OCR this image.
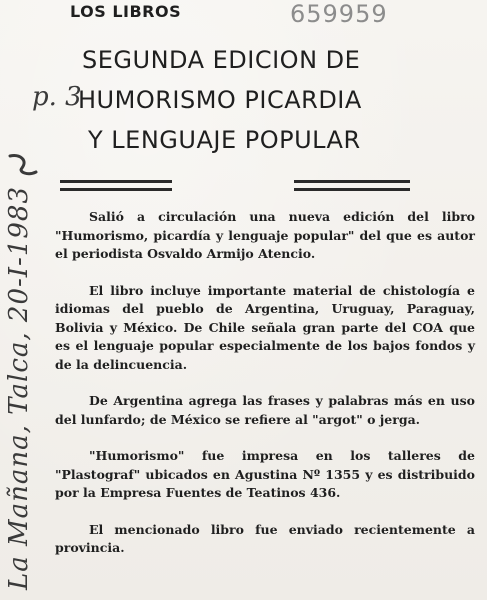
LOS LIBROS	659959
SEGUNDA EDICION DE
HUMORISMO PICARDIA
Y LENGUAJE POPULAR

Salió a circulación una nueva edición del libro "Humorismo, picardía y lenguaje popular" del que es autor el periodista Osvaldo Armijo Atencio.

El libro incluye importante material de chistología e idiomas del pueblo de Argentina, Uruguay, Paraguay, Bolivia y México. De Chile señala gran parte del COA que es el lenguaje popular especialmente de los bajos fondos y de la delincuencia.

De Argentina agrega las frases y palabras más en uso del lunfardo; de México se refiere al "argot" o jerga.

"Humorismo" fue impresa en los talleres de "Plastograf" ubicados en Agustina Nº 1355 y es distribuido por la Empresa Fuentes de Teatinos 436.

El mencionado libro fue enviado recientemente a provincia.

p. 3
La Mañana, Talca, 20-I-1983
